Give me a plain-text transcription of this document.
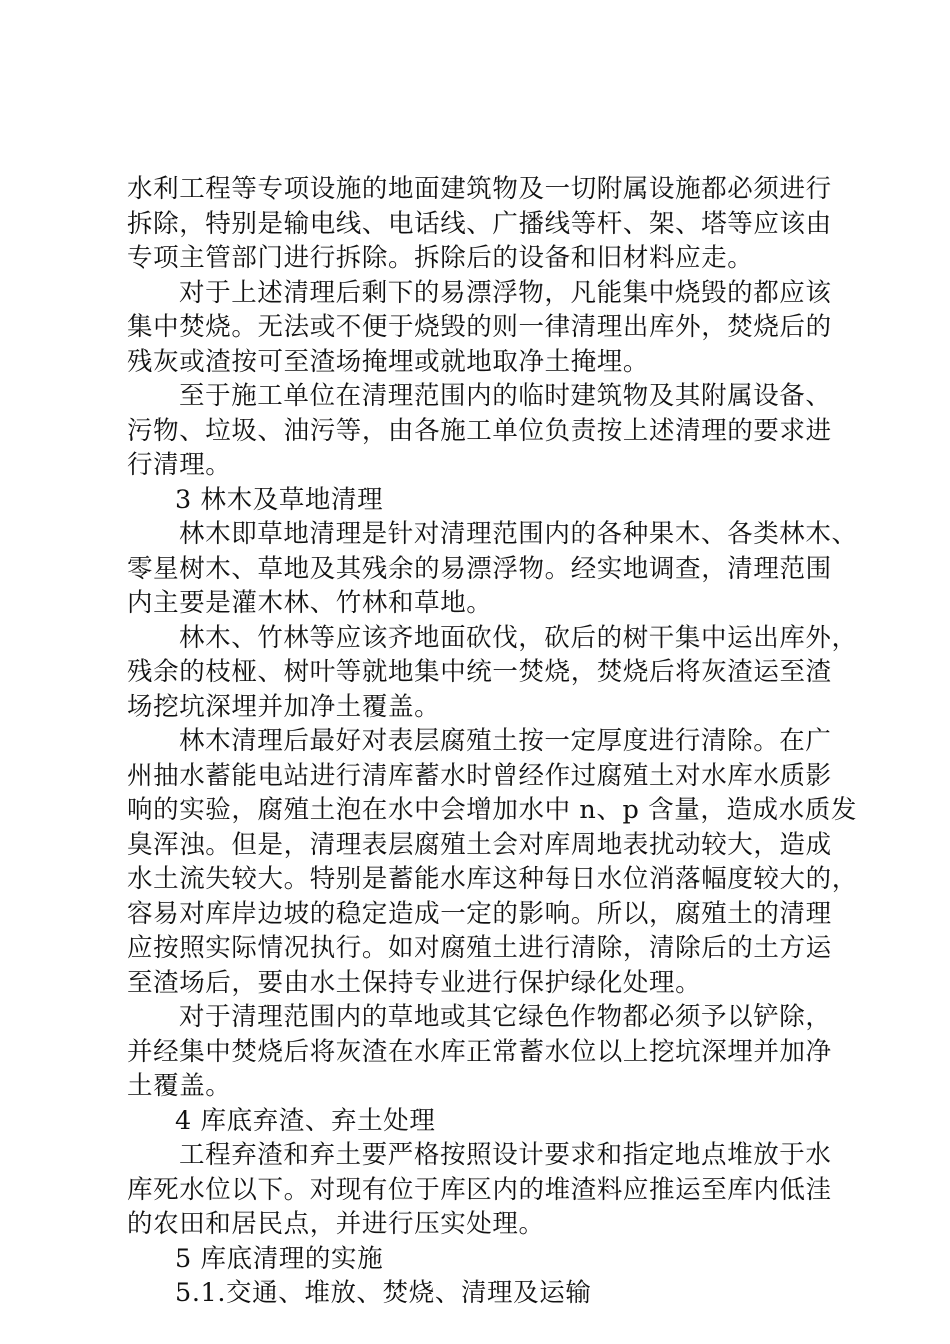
水利工程等专项设施的地面建筑物及一切附属设施都必须进行
拆除，特别是输电线、电话线、广播线等杆、架、塔等应该由
专项主管部门进行拆除。拆除后的设备和旧材料应走。
对于上述清理后剩下的易漂浮物，凡能集中烧毁的都应该
集中焚烧。无法或不便于烧毁的则一律清理出库外，焚烧后的
残灰或渣按可至渣场掩埋或就地取净土掩埋。
至于施工单位在清理范围内的临时建筑物及其附属设备、
污物、垃圾、油污等，由各施工单位负责按上述清理的要求进
行清理。
3 林木及草地清理
林木即草地清理是针对清理范围内的各种果木、各类林木、
零星树木、草地及其残余的易漂浮物。经实地调查，清理范围
内主要是灌木林、竹林和草地。
林木、竹林等应该齐地面砍伐，砍后的树干集中运出库外，
残余的枝桠、树叶等就地集中统一焚烧，焚烧后将灰渣运至渣
场挖坑深埋并加净土覆盖。
林木清理后最好对表层腐殖土按一定厚度进行清除。在广
州抽水蓄能电站进行清库蓄水时曾经作过腐殖土对水库水质影
响的实验，腐殖土泡在水中会增加水中 n、p 含量，造成水质发
臭浑浊。但是，清理表层腐殖土会对库周地表扰动较大，造成
水土流失较大。特别是蓄能水库这种每日水位消落幅度较大的，
容易对库岸边坡的稳定造成一定的影响。所以，腐殖土的清理
应按照实际情况执行。如对腐殖土进行清除，清除后的土方运
至渣场后，要由水土保持专业进行保护绿化处理。
对于清理范围内的草地或其它绿色作物都必须予以铲除，
并经集中焚烧后将灰渣在水库正常蓄水位以上挖坑深埋并加净
土覆盖。
4 库底弃渣、弃土处理
工程弃渣和弃土要严格按照设计要求和指定地点堆放于水
库死水位以下。对现有位于库区内的堆渣料应推运至库内低洼
的农田和居民点，并进行压实处理。
5 库底清理的实施
5.1.交通、堆放、焚烧、清理及运输
